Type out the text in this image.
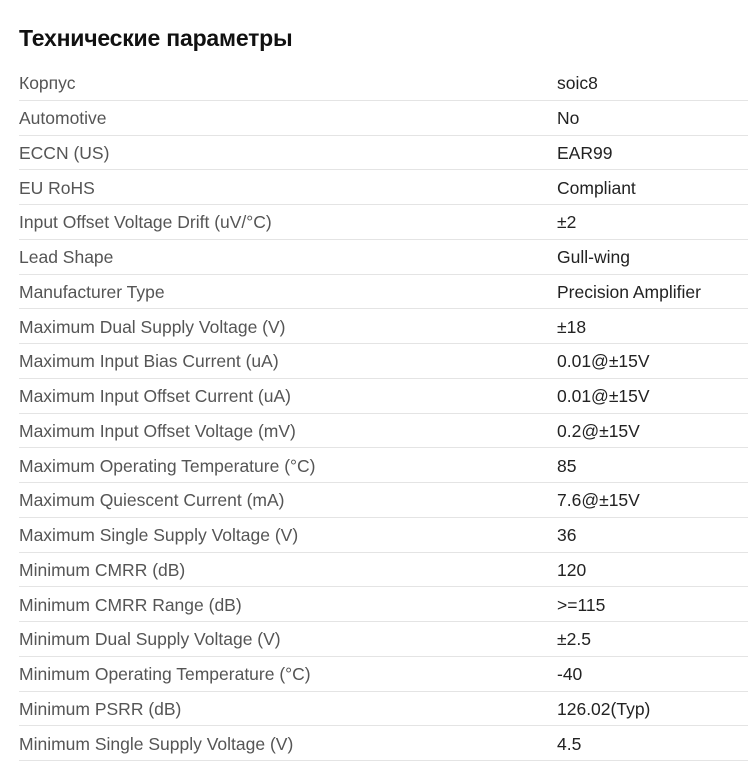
Технические параметры
Корпус	soic8
Automotive	No
ECCN (US)	EAR99
EU RoHS	Compliant
Input Offset Voltage Drift (uV/°C)	±2
Lead Shape	Gull-wing
Manufacturer Type	Precision Amplifier
Maximum Dual Supply Voltage (V)	±18
Maximum Input Bias Current (uA)	0.01@±15V
Maximum Input Offset Current (uA)	0.01@±15V
Maximum Input Offset Voltage (mV)	0.2@±15V
Maximum Operating Temperature (°C)	85
Maximum Quiescent Current (mA)	7.6@±15V
Maximum Single Supply Voltage (V)	36
Minimum CMRR (dB)	120
Minimum CMRR Range (dB)	>=115
Minimum Dual Supply Voltage (V)	±2.5
Minimum Operating Temperature (°C)	-40
Minimum PSRR (dB)	126.02(Typ)
Minimum Single Supply Voltage (V)	4.5
